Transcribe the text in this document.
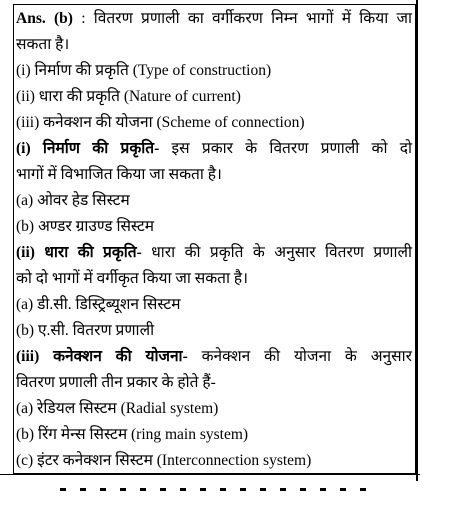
Ans. (b) : वितरण प्रणाली का वर्गीकरण निम्न भागों में किया जा
सकता है।
(i) निर्माण की प्रकृति (Type of construction)
(ii) धारा की प्रकृति (Nature of current)
(iii) कनेक्शन की योजना (Scheme of connection)
(i) निर्माण की प्रकृति- इस प्रकार के वितरण प्रणाली को दो
भागों में विभाजित किया जा सकता है।
(a) ओवर हेड सिस्टम
(b) अण्डर ग्राउण्ड सिस्टम
(ii) धारा की प्रकृति- धारा की प्रकृति के अनुसार वितरण प्रणाली
को दो भागों में वर्गीकृत किया जा सकता है।
(a) डी.सी. डिस्ट्रिब्यूशन सिस्टम
(b) ए.सी. वितरण प्रणाली
(iii) कनेक्शन की योजना- कनेक्शन की योजना के अनुसार
वितरण प्रणाली तीन प्रकार के होते हैं-
(a) रेडियल सिस्टम (Radial system)
(b) रिंग मेन्स सिस्टम (ring main system)
(c) इंटर कनेक्शन सिस्टम (Interconnection system)
